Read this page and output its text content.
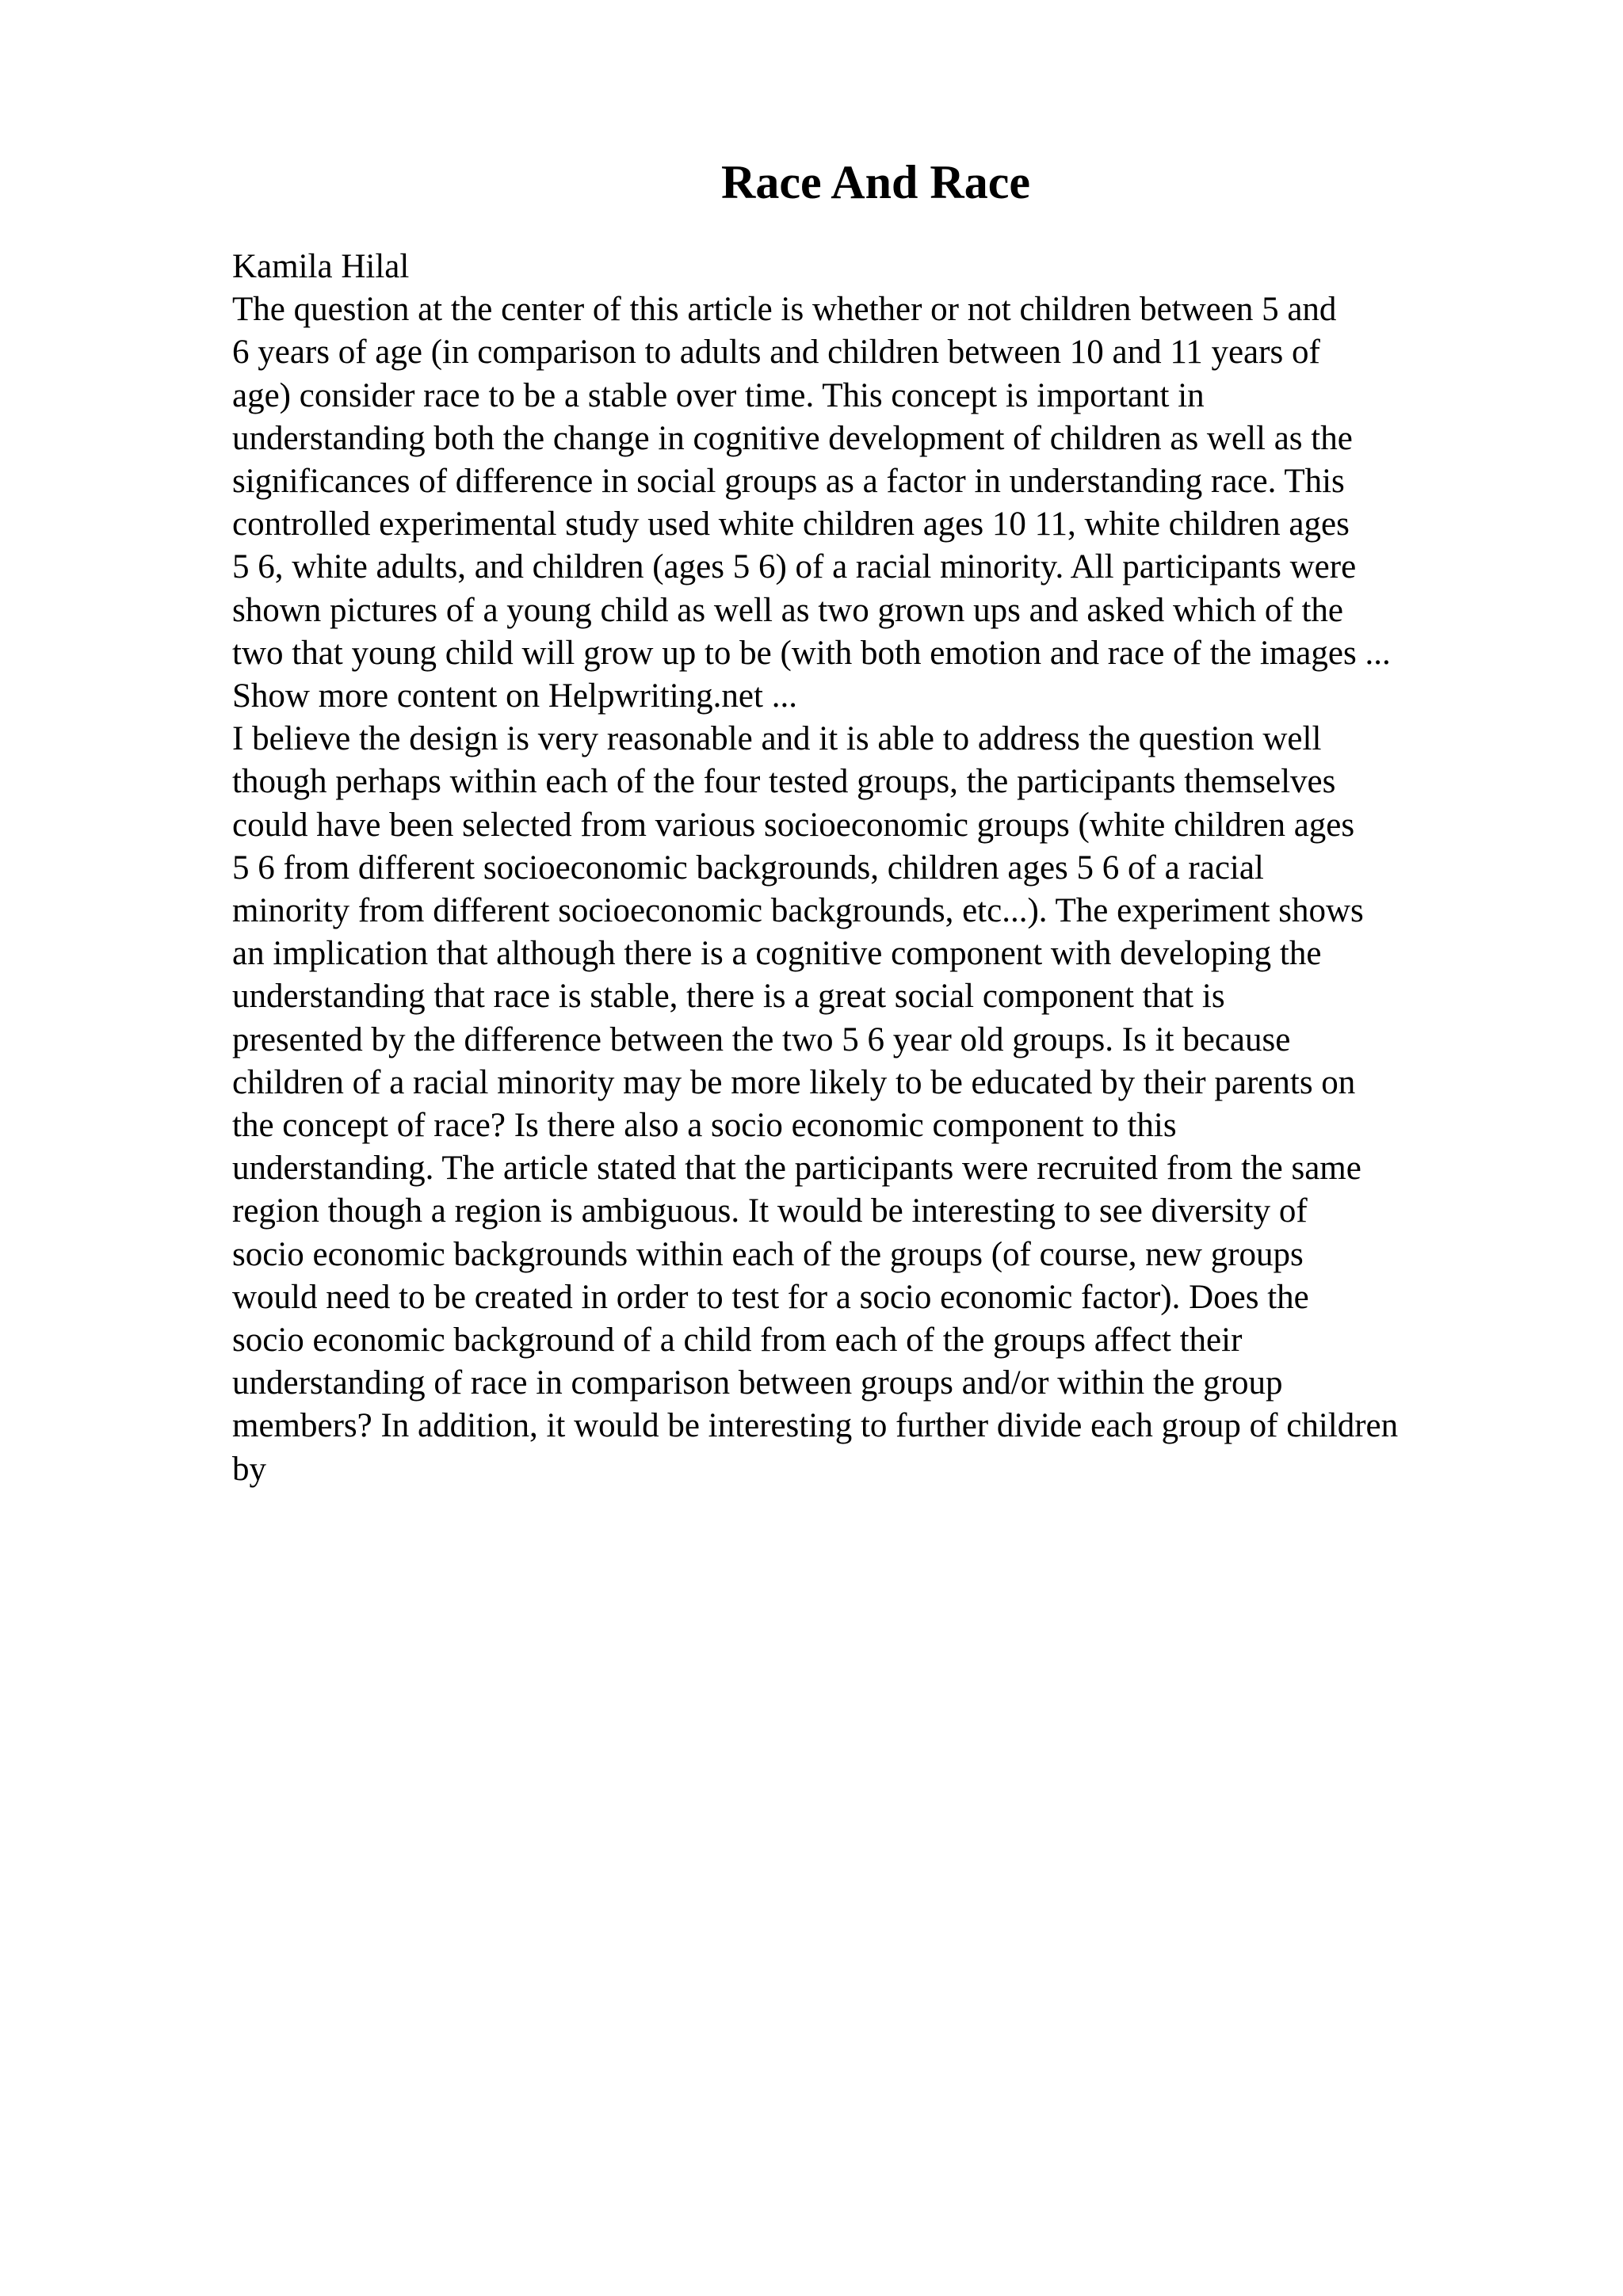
Race And Race
Kamila Hilal
The question at the center of this article is whether or not children between 5 and
6 years of age (in comparison to adults and children between 10 and 11 years of
age) consider race to be a stable over time. This concept is important in
understanding both the change in cognitive development of children as well as the
significances of difference in social groups as a factor in understanding race. This
controlled experimental study used white children ages 10 11, white children ages
5 6, white adults, and children (ages 5 6) of a racial minority. All participants were
shown pictures of a young child as well as two grown ups and asked which of the
two that young child will grow up to be (with both emotion and race of the images ...
Show more content on Helpwriting.net ...
I believe the design is very reasonable and it is able to address the question well
though perhaps within each of the four tested groups, the participants themselves
could have been selected from various socioeconomic groups (white children ages
5 6 from different socioeconomic backgrounds, children ages 5 6 of a racial
minority from different socioeconomic backgrounds, etc...). The experiment shows
an implication that although there is a cognitive component with developing the
understanding that race is stable, there is a great social component that is
presented by the difference between the two 5 6 year old groups. Is it because
children of a racial minority may be more likely to be educated by their parents on
the concept of race? Is there also a socio economic component to this
understanding. The article stated that the participants were recruited from the same
region though a region is ambiguous. It would be interesting to see diversity of
socio economic backgrounds within each of the groups (of course, new groups
would need to be created in order to test for a socio economic factor). Does the
socio economic background of a child from each of the groups affect their
understanding of race in comparison between groups and/or within the group
members? In addition, it would be interesting to further divide each group of children
by
